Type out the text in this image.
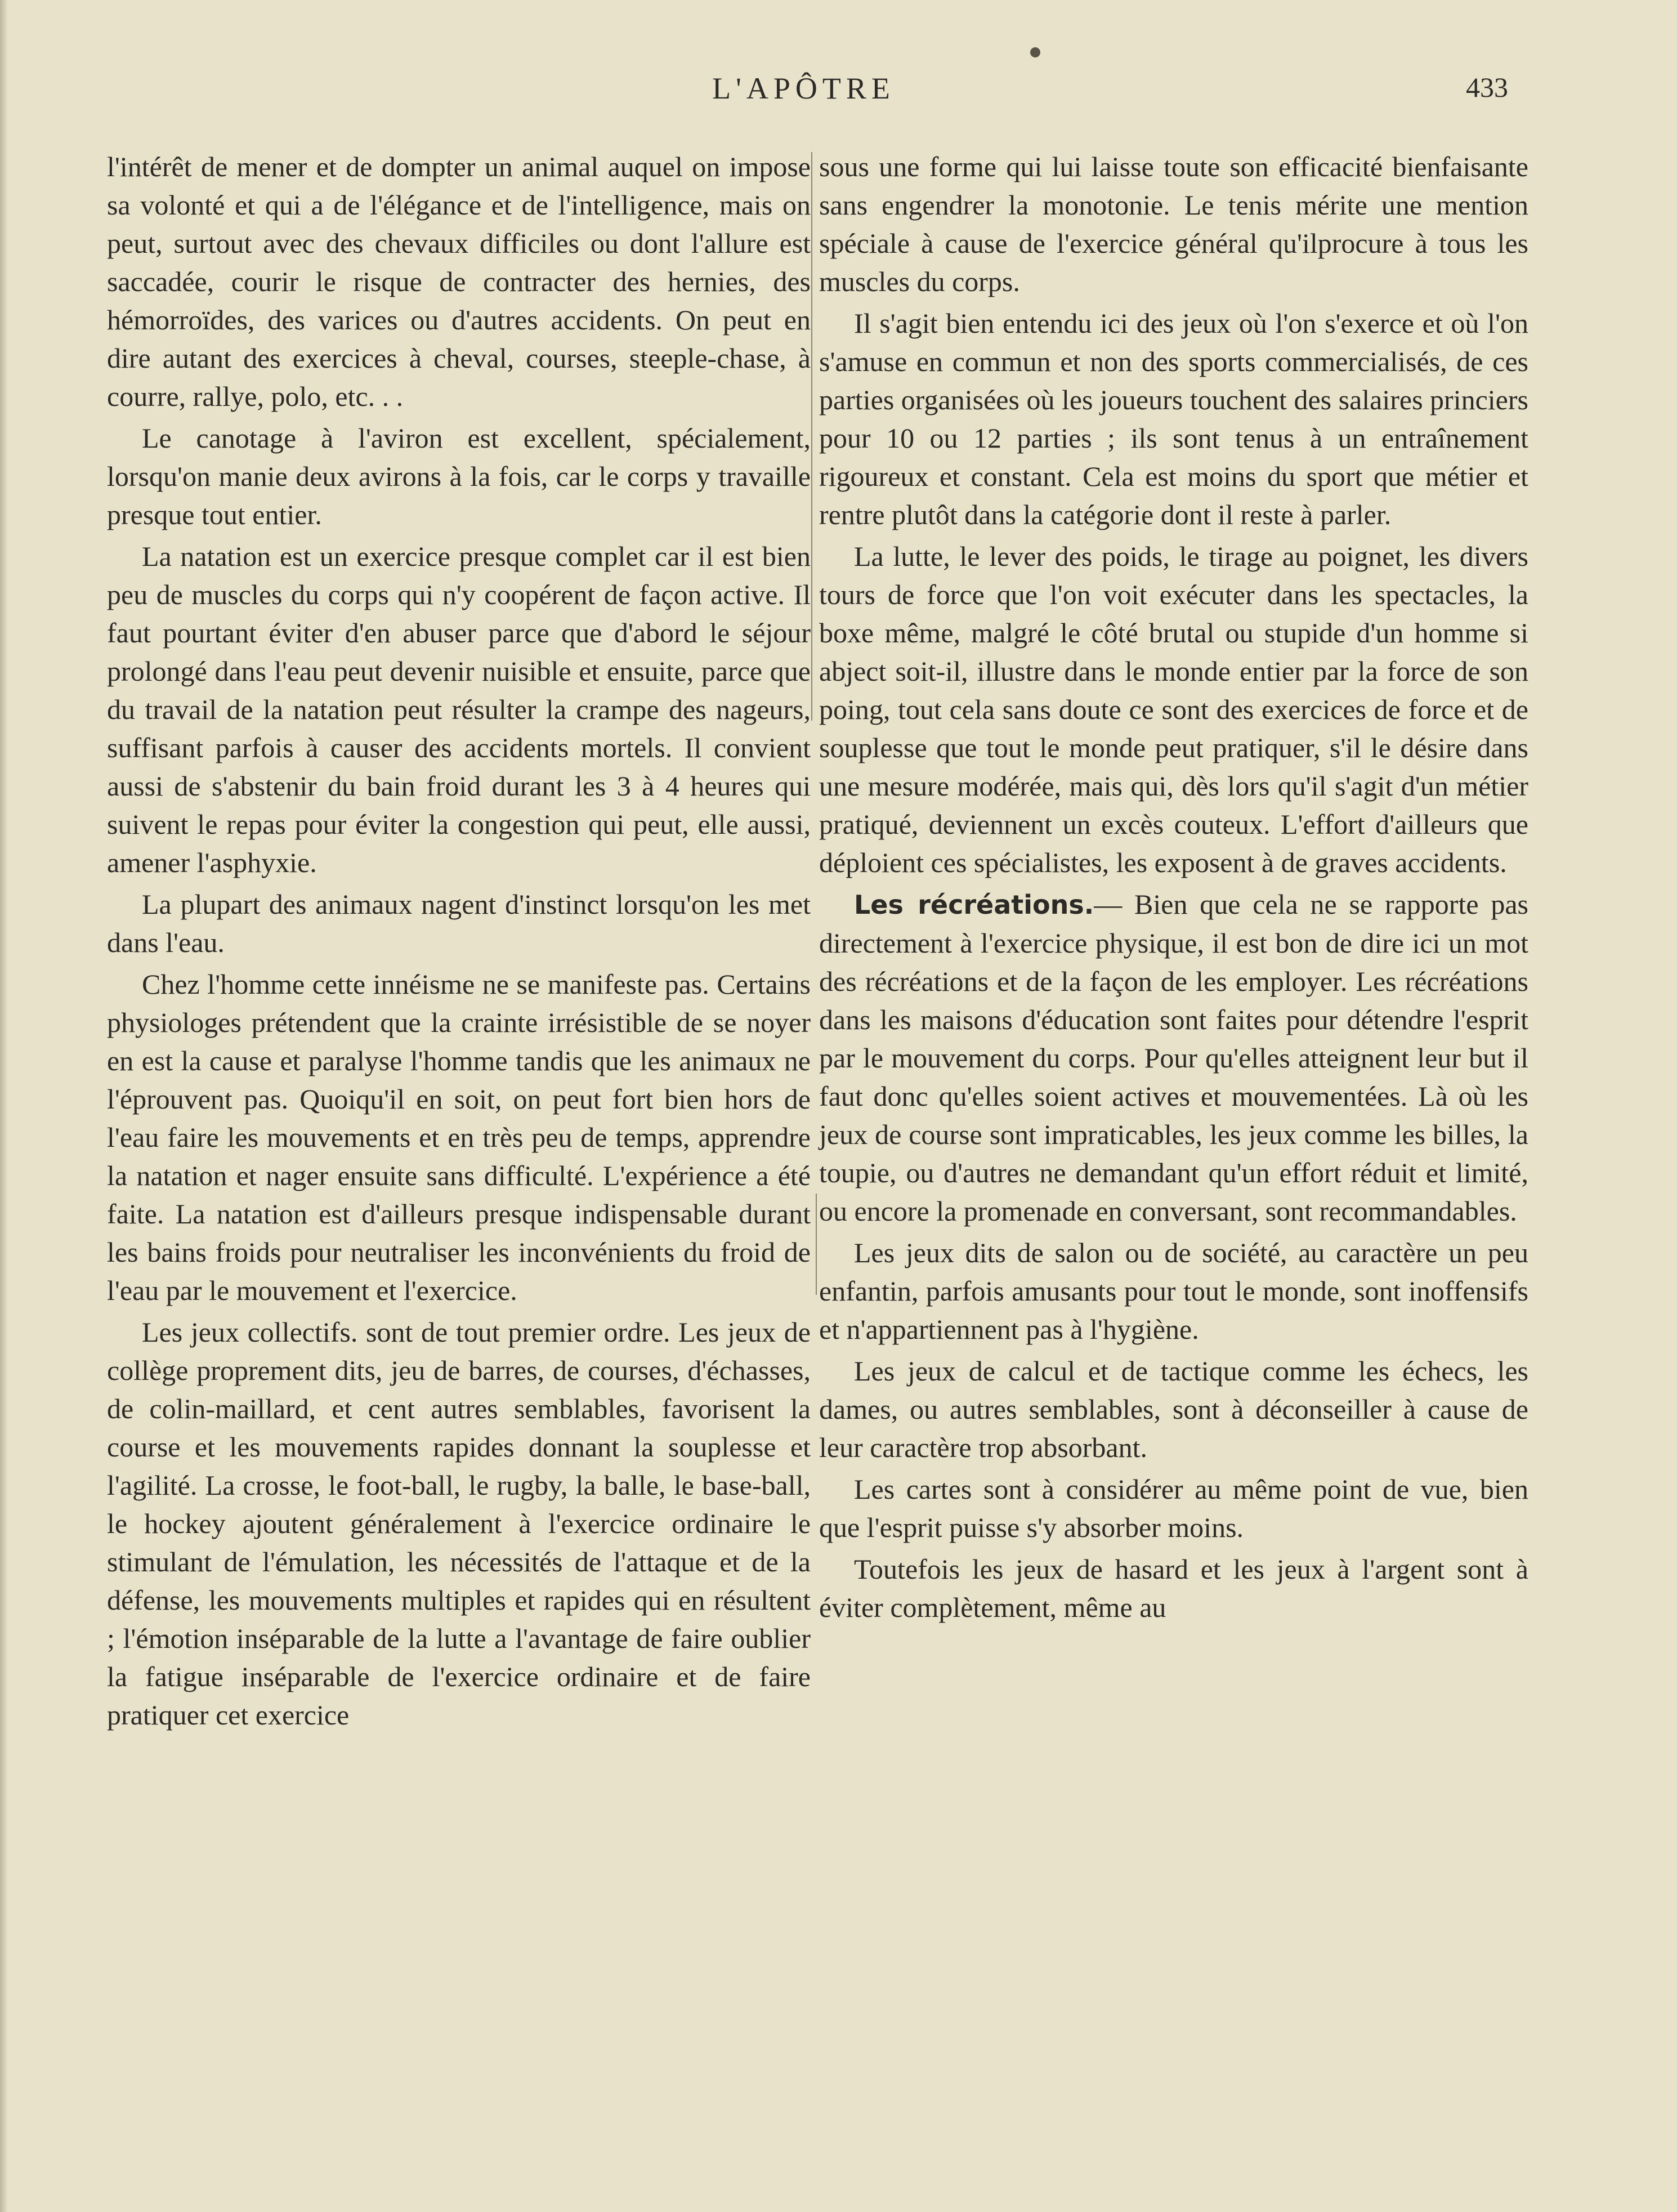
L'APÔTRE	433

l'intérêt de mener et de dompter un animal auquel on impose sa volonté et qui a de l'élégance et de l'intelligence, mais on peut, surtout avec des chevaux difficiles ou dont l'allure est saccadée, courir le risque de contracter des hernies, des hémorroïdes, des varices ou d'autres accidents. On peut en dire autant des exercices à cheval, courses, steeple-chase, à courre, rallye, polo, etc. . .

Le canotage à l'aviron est excellent, spécialement, lorsqu'on manie deux avirons à la fois, car le corps y travaille presque tout entier.

La natation est un exercice presque complet car il est bien peu de muscles du corps qui n'y coopérent de façon active. Il faut pourtant éviter d'en abuser parce que d'abord le séjour prolongé dans l'eau peut devenir nuisible et ensuite, parce que du travail de la natation peut résulter la crampe des nageurs, suffisant parfois à causer des accidents mortels. Il convient aussi de s'abstenir du bain froid durant les 3 à 4 heures qui suivent le repas pour éviter la congestion qui peut, elle aussi, amener l'asphyxie.

La plupart des animaux nagent d'instinct lorsqu'on les met dans l'eau.

Chez l'homme cette innéisme ne se manifeste pas. Certains physiologes prétendent que la crainte irrésistible de se noyer en est la cause et paralyse l'homme tandis que les animaux ne l'éprouvent pas. Quoiqu'il en soit, on peut fort bien hors de l'eau faire les mouvements et en très peu de temps, apprendre la natation et nager ensuite sans difficulté. L'expérience a été faite. La natation est d'ailleurs presque indispensable durant les bains froids pour neutraliser les inconvénients du froid de l'eau par le mouvement et l'exercice.

Les jeux collectifs. sont de tout premier ordre. Les jeux de collège proprement dits, jeu de barres, de courses, d'échasses, de colin-maillard, et cent autres semblables, favorisent la course et les mouvements rapides donnant la souplesse et l'agilité. La crosse, le foot-ball, le rugby, la balle, le base-ball, le hockey ajoutent généralement à l'exercice ordinaire le stimulant de l'émulation, les nécessités de l'attaque et de la défense, les mouvements multiples et rapides qui en résultent ; l'émotion inséparable de la lutte a l'avantage de faire oublier la fatigue inséparable de l'exercice ordinaire et de faire pratiquer cet exercice

sous une forme qui lui laisse toute son efficacité bienfaisante sans engendrer la monotonie. Le tenis mérite une mention spéciale à cause de l'exercice général qu'ilprocure à tous les muscles du corps.

Il s'agit bien entendu ici des jeux où l'on s'exerce et où l'on s'amuse en commun et non des sports commercialisés, de ces parties organisées où les joueurs touchent des salaires princiers pour 10 ou 12 parties ; ils sont tenus à un entraînement rigoureux et constant. Cela est moins du sport que métier et rentre plutôt dans la catégorie dont il reste à parler.

La lutte, le lever des poids, le tirage au poignet, les divers tours de force que l'on voit exécuter dans les spectacles, la boxe même, malgré le côté brutal ou stupide d'un homme si abject soit-il, illustre dans le monde entier par la force de son poing, tout cela sans doute ce sont des exercices de force et de souplesse que tout le monde peut pratiquer, s'il le désire dans une mesure modérée, mais qui, dès lors qu'il s'agit d'un métier pratiqué, deviennent un excès couteux. L'effort d'ailleurs que déploient ces spécialistes, les exposent à de graves accidents.

Les récréations.— Bien que cela ne se rapporte pas directement à l'exercice physique, il est bon de dire ici un mot des récréations et de la façon de les employer. Les récréations dans les maisons d'éducation sont faites pour détendre l'esprit par le mouvement du corps. Pour qu'elles atteignent leur but il faut donc qu'elles soient actives et mouvementées. Là où les jeux de course sont impraticables, les jeux comme les billes, la toupie, ou d'autres ne demandant qu'un effort réduit et limité, ou encore la promenade en conversant, sont recommandables.

Les jeux dits de salon ou de société, au caractère un peu enfantin, parfois amusants pour tout le monde, sont inoffensifs et n'appartiennent pas à l'hygiène.

Les jeux de calcul et de tactique comme les échecs, les dames, ou autres semblables, sont à déconseiller à cause de leur caractère trop absorbant.

Les cartes sont à considérer au même point de vue, bien que l'esprit puisse s'y absorber moins.

Toutefois les jeux de hasard et les jeux à l'argent sont à éviter complètement, même au
